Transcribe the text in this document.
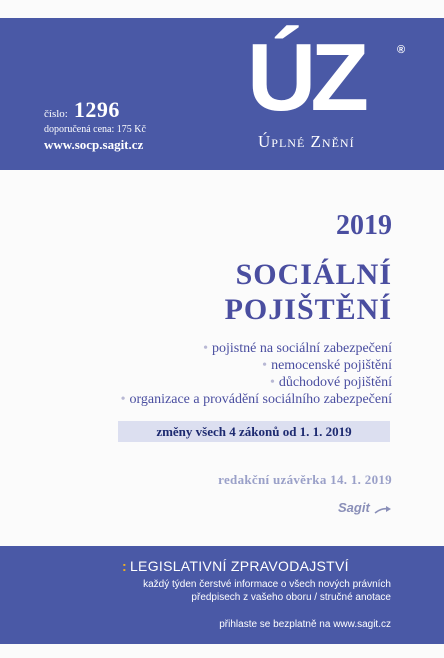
číslo: 1296
doporučená cena: 175 Kč
www.socp.sagit.cz
ÚZ	®
Úplné Znění
2019
SOCIÁLNÍ
POJIŠTĚNÍ
• pojistné na sociální zabezpečení
• nemocenské pojištění
• důchodové pojištění
• organizace a provádění sociálního zabezpečení
změny všech 4 zákonů od 1. 1. 2019
redakční uzávěrka 14. 1. 2019
Sagit
: LEGISLATIVNÍ ZPRAVODAJSTVÍ
každý týden čerstvé informace o všech nových právních
předpisech z vašeho oboru / stručné anotace
přihlaste se bezplatně na www.sagit.cz
